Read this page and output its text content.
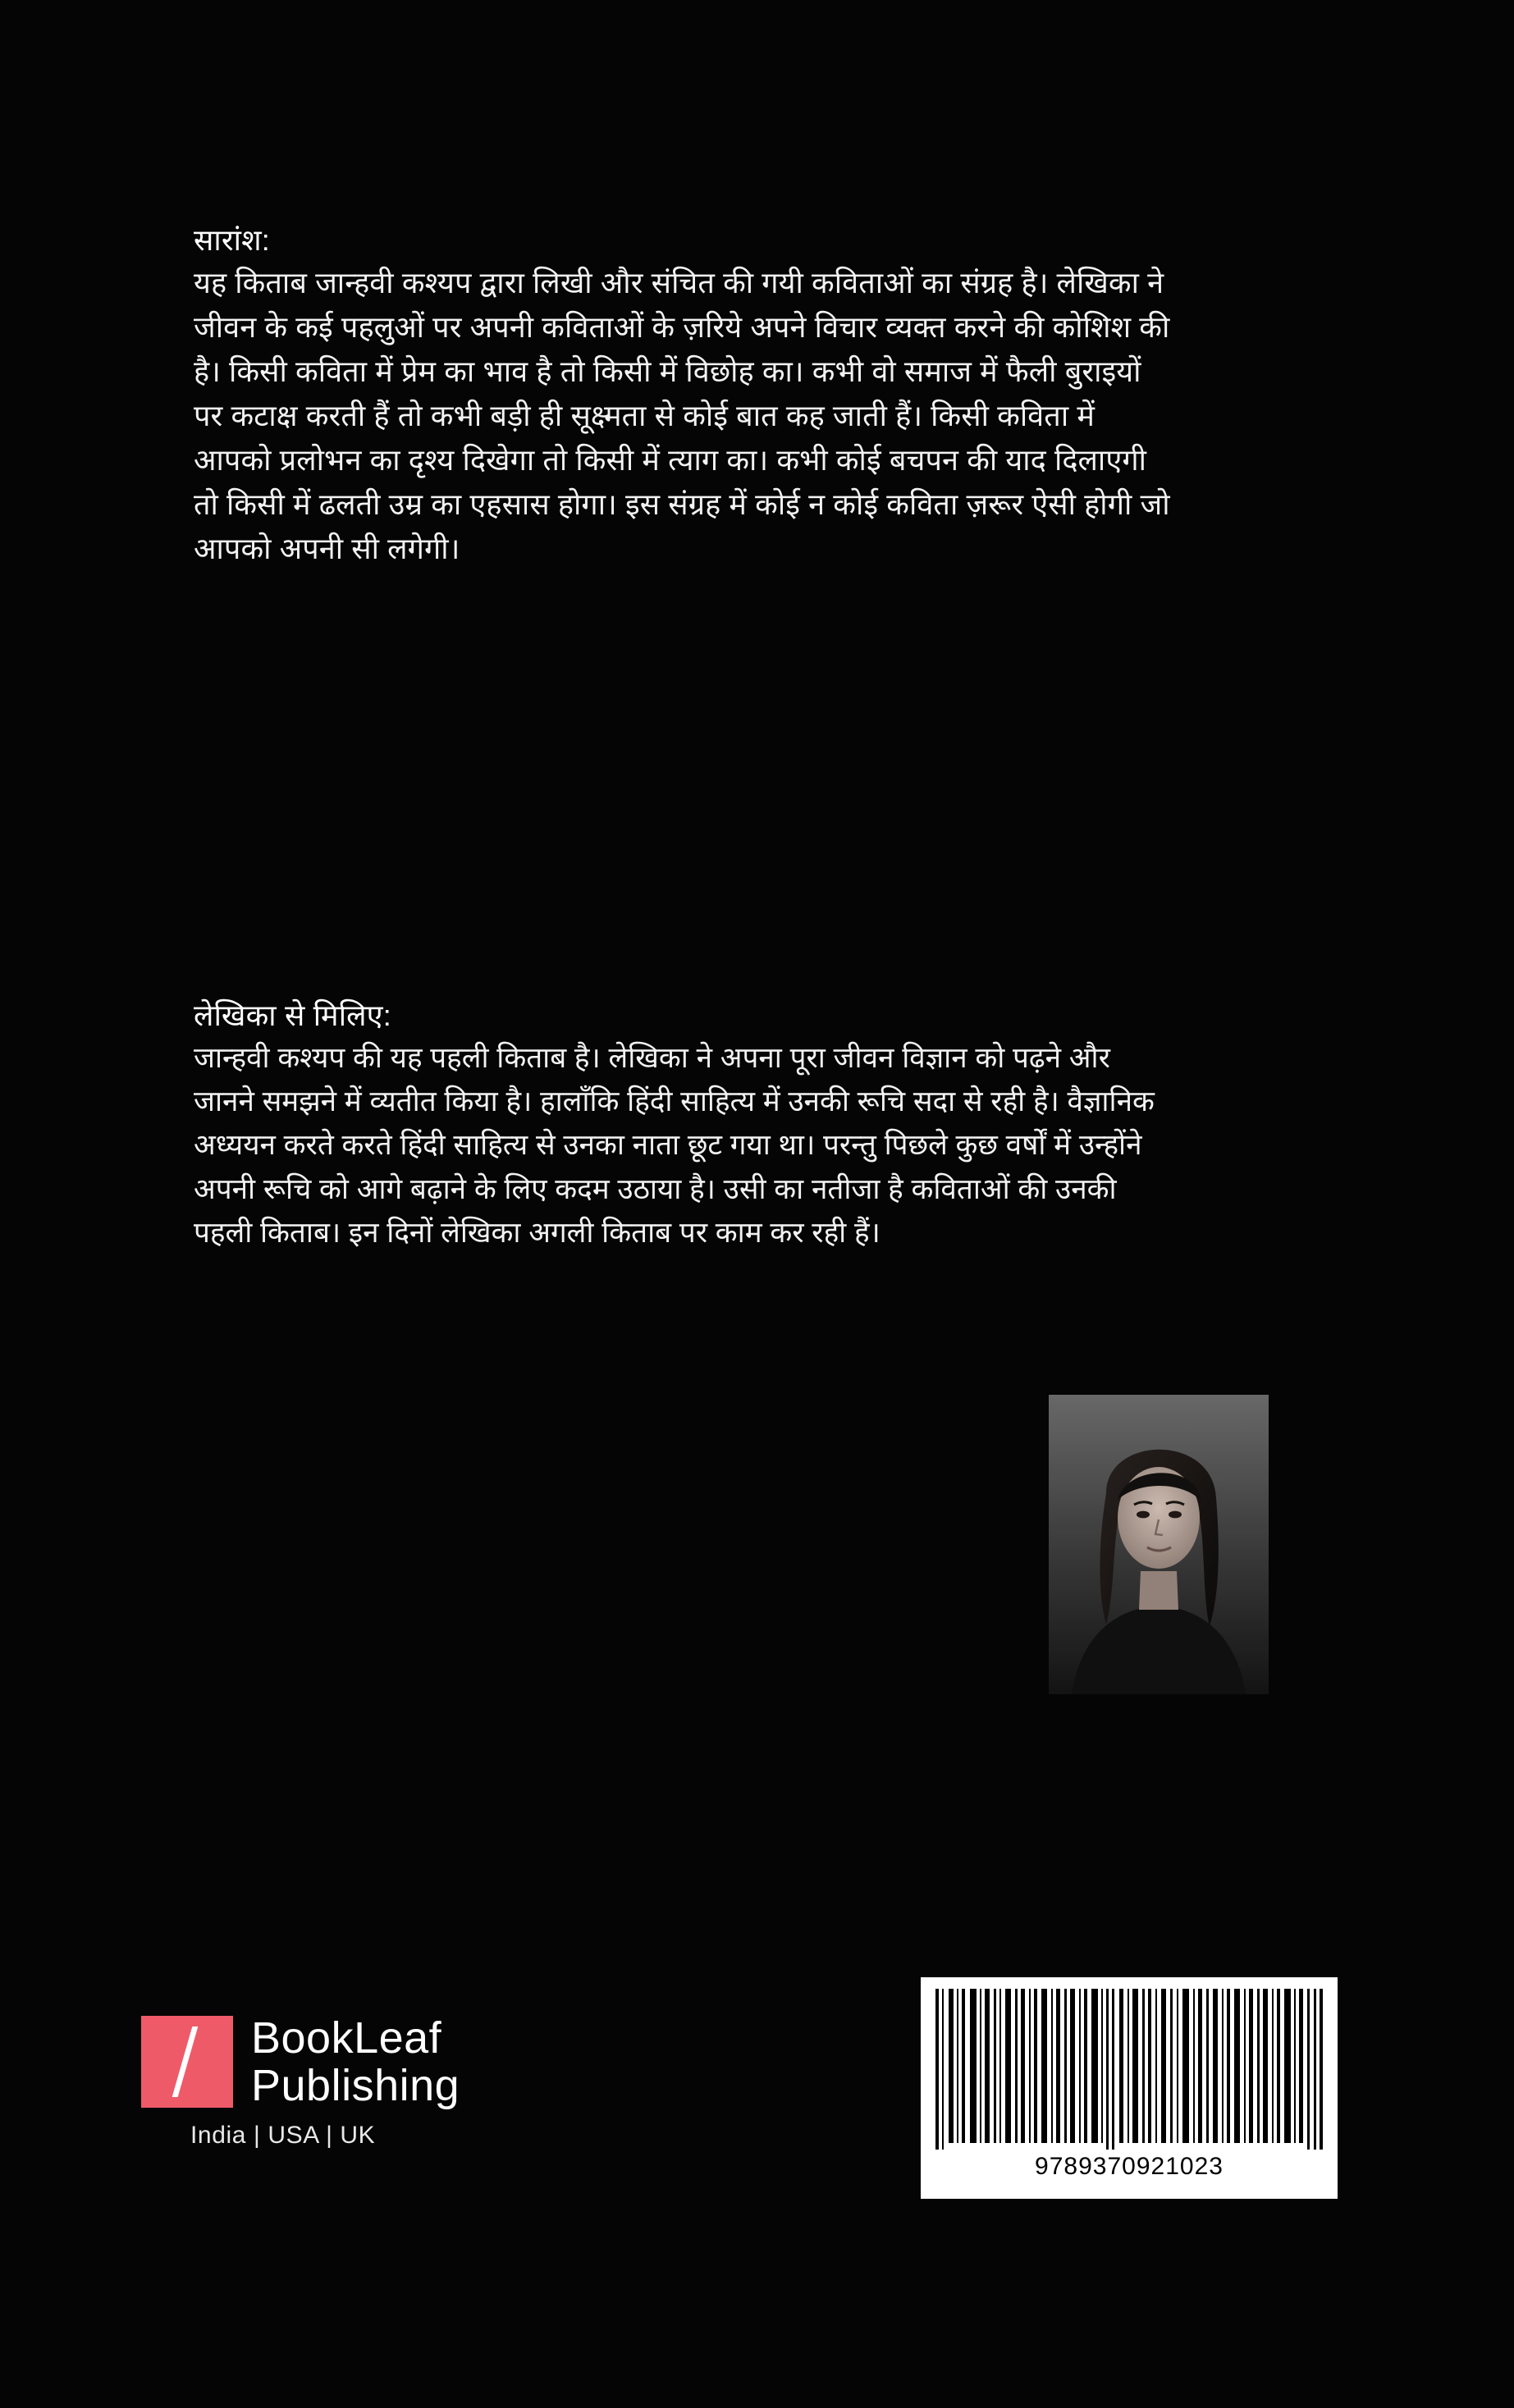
सारांश:

यह किताब जान्हवी कश्यप द्वारा लिखी और संचित की गयी कविताओं का संग्रह है। लेखिका ने जीवन के कई पहलुओं पर अपनी कविताओं के ज़रिये अपने विचार व्यक्त करने की कोशिश की है। किसी कविता में प्रेम का भाव है तो किसी में विछोह का। कभी वो समाज में फैली बुराइयों पर कटाक्ष करती हैं तो कभी बड़ी ही सूक्ष्मता से कोई बात कह जाती हैं। किसी कविता में आपको प्रलोभन का दृश्य दिखेगा तो किसी में त्याग का। कभी कोई बचपन की याद दिलाएगी तो किसी में ढलती उम्र का एहसास होगा। इस संग्रह में कोई न कोई कविता ज़रूर ऐसी होगी जो आपको अपनी सी लगेगी।

लेखिका से मिलिए:

जान्हवी कश्यप की यह पहली किताब है। लेखिका ने अपना पूरा जीवन विज्ञान को पढ़ने और जानने समझने में व्यतीत किया है। हालाँकि हिंदी साहित्य में उनकी रूचि सदा से रही है। वैज्ञानिक अध्ययन करते करते हिंदी साहित्य से उनका नाता छूट गया था। परन्तु पिछले कुछ वर्षों में उन्होंने अपनी रूचि को आगे बढ़ाने के लिए कदम उठाया है। उसी का नतीजा है कविताओं की उनकी पहली किताब। इन दिनों लेखिका अगली किताब पर काम कर रही हैं।

BookLeaf
Publishing
India | USA | UK
9789370921023
